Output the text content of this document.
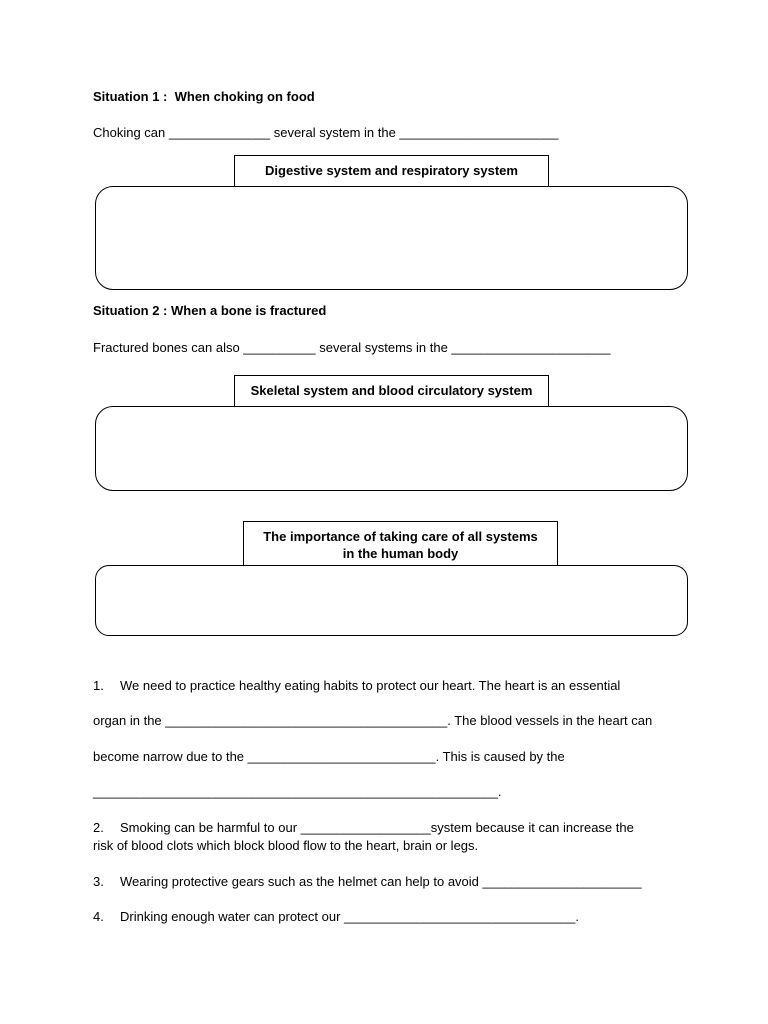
Situation 1 :  When choking on food
Choking can ______________ several system in the ______________________
Digestive system and respiratory system
Situation 2 : When a bone is fractured
Fractured bones can also __________ several systems in the ______________________
Skeletal system and blood circulatory system
The importance of taking care of all systems
in the human body
1. We need to practice healthy eating habits to protect our heart. The heart is an essential
organ in the _______________________________________. The blood vessels in the heart can
become narrow due to the __________________________. This is caused by the
________________________________________________________.
2. Smoking can be harmful to our __________________system because it can increase the
risk of blood clots which block blood flow to the heart, brain or legs.
3. Wearing protective gears such as the helmet can help to avoid ______________________
4. Drinking enough water can protect our ________________________________.
